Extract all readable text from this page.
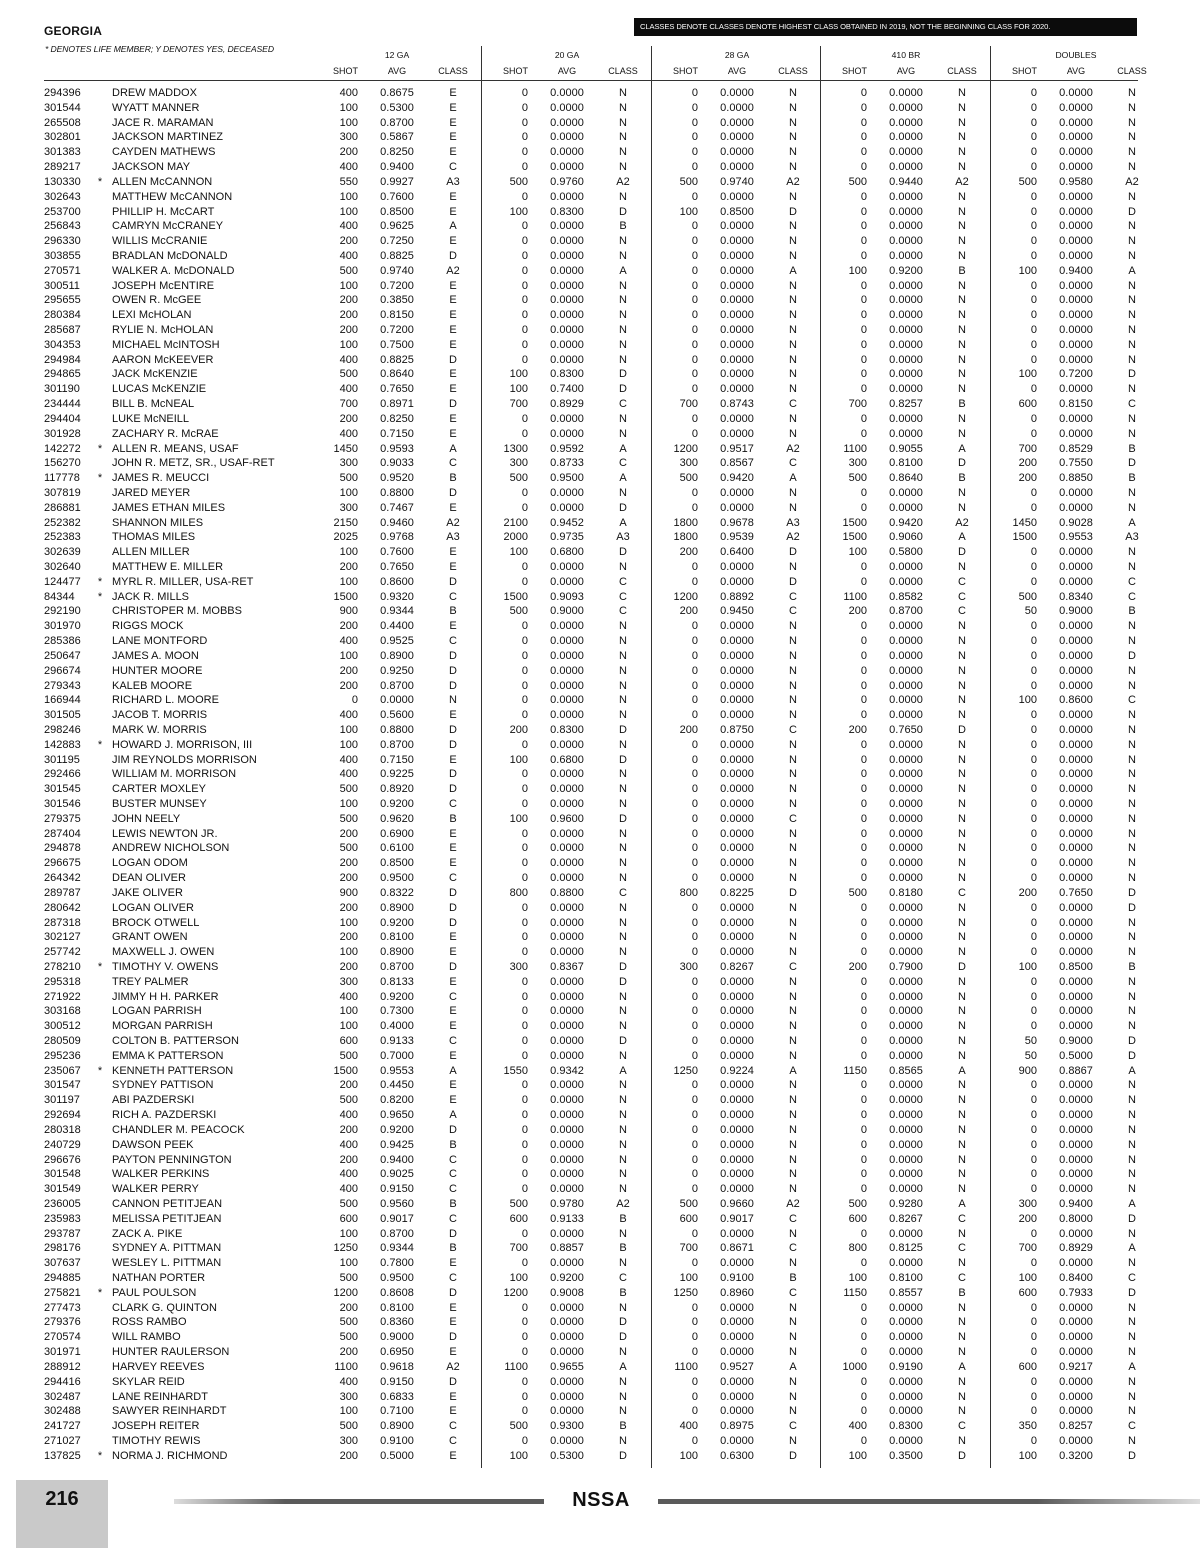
GEORGIA	CLASSES DENOTE CLASSES DENOTE HIGHEST CLASS OBTAINED IN 2019, NOT THE BEGINNING CLASS FOR 2020.
* DENOTES LIFE MEMBER; Y DENOTES YES, DECEASED
12 GA
SHOT	AVG	CLASS
20 GA
SHOT	AVG	CLASS
28 GA
SHOT	AVG	CLASS
410 BR
SHOT	AVG	CLASS
DOUBLES
SHOT	AVG	CLASS
294396	DREW MADDOX	400	0.8675	E	0	0.0000	N	0	0.0000	N	0	0.0000	N	0	0.0000	N
301544	WYATT MANNER	100	0.5300	E	0	0.0000	N	0	0.0000	N	0	0.0000	N	0	0.0000	N
265508	JACE R. MARAMAN	100	0.8700	E	0	0.0000	N	0	0.0000	N	0	0.0000	N	0	0.0000	N
302801	JACKSON MARTINEZ	300	0.5867	E	0	0.0000	N	0	0.0000	N	0	0.0000	N	0	0.0000	N
301383	CAYDEN MATHEWS	200	0.8250	E	0	0.0000	N	0	0.0000	N	0	0.0000	N	0	0.0000	N
289217	JACKSON MAY	400	0.9400	C	0	0.0000	N	0	0.0000	N	0	0.0000	N	0	0.0000	N
130330 * ALLEN McCANNON	550	0.9927	A3	500	0.9760	A2	500	0.9740	A2	500	0.9440	A2	500	0.9580	A2
302643	MATTHEW McCANNON	100	0.7600	E	0	0.0000	N	0	0.0000	N	0	0.0000	N	0	0.0000	N
253700	PHILLIP H. McCART	100	0.8500	E	100	0.8300	D	100	0.8500	D	0	0.0000	N	0	0.0000	D
256843	CAMRYN McCRANEY	400	0.9625	A	0	0.0000	B	0	0.0000	N	0	0.0000	N	0	0.0000	N
296330	WILLIS McCRANIE	200	0.7250	E	0	0.0000	N	0	0.0000	N	0	0.0000	N	0	0.0000	N
303855	BRADLAN McDONALD	400	0.8825	D	0	0.0000	N	0	0.0000	N	0	0.0000	N	0	0.0000	N
270571	WALKER A. McDONALD	500	0.9740	A2	0	0.0000	A	0	0.0000	A	100	0.9200	B	100	0.9400	A
300511	JOSEPH McENTIRE	100	0.7200	E	0	0.0000	N	0	0.0000	N	0	0.0000	N	0	0.0000	N
295655	OWEN R. McGEE	200	0.3850	E	0	0.0000	N	0	0.0000	N	0	0.0000	N	0	0.0000	N
280384	LEXI McHOLAN	200	0.8150	E	0	0.0000	N	0	0.0000	N	0	0.0000	N	0	0.0000	N
285687	RYLIE N. McHOLAN	200	0.7200	E	0	0.0000	N	0	0.0000	N	0	0.0000	N	0	0.0000	N
304353	MICHAEL McINTOSH	100	0.7500	E	0	0.0000	N	0	0.0000	N	0	0.0000	N	0	0.0000	N
294984	AARON McKEEVER	400	0.8825	D	0	0.0000	N	0	0.0000	N	0	0.0000	N	0	0.0000	N
294865	JACK McKENZIE	500	0.8640	E	100	0.8300	D	0	0.0000	N	0	0.0000	N	100	0.7200	D
301190	LUCAS McKENZIE	400	0.7650	E	100	0.7400	D	0	0.0000	N	0	0.0000	N	0	0.0000	N
234444	BILL B. McNEAL	700	0.8971	D	700	0.8929	C	700	0.8743	C	700	0.8257	B	600	0.8150	C
294404	LUKE McNEILL	200	0.8250	E	0	0.0000	N	0	0.0000	N	0	0.0000	N	0	0.0000	N
301928	ZACHARY R. McRAE	400	0.7150	E	0	0.0000	N	0	0.0000	N	0	0.0000	N	0	0.0000	N
142272 * ALLEN R. MEANS, USAF	1450	0.9593	A	1300	0.9592	A	1200	0.9517	A2	1100	0.9055	A	700	0.8529	B
156270	JOHN R. METZ, SR., USAF-RET	300	0.9033	C	300	0.8733	C	300	0.8567	C	300	0.8100	D	200	0.7550	D
117778 * JAMES R. MEUCCI	500	0.9520	B	500	0.9500	A	500	0.9420	A	500	0.8640	B	200	0.8850	B
307819	JARED MEYER	100	0.8800	D	0	0.0000	N	0	0.0000	N	0	0.0000	N	0	0.0000	N
286881	JAMES ETHAN MILES	300	0.7467	E	0	0.0000	D	0	0.0000	N	0	0.0000	N	0	0.0000	N
252382	SHANNON MILES	2150	0.9460	A2	2100	0.9452	A	1800	0.9678	A3	1500	0.9420	A2	1450	0.9028	A
252383	THOMAS MILES	2025	0.9768	A3	2000	0.9735	A3	1800	0.9539	A2	1500	0.9060	A	1500	0.9553	A3
302639	ALLEN MILLER	100	0.7600	E	100	0.6800	D	200	0.6400	D	100	0.5800	D	0	0.0000	N
302640	MATTHEW E. MILLER	200	0.7650	E	0	0.0000	N	0	0.0000	N	0	0.0000	N	0	0.0000	N
124477 * MYRL R. MILLER, USA-RET	100	0.8600	D	0	0.0000	C	0	0.0000	D	0	0.0000	C	0	0.0000	C
84344 * JACK R. MILLS	1500	0.9320	C	1500	0.9093	C	1200	0.8892	C	1100	0.8582	C	500	0.8340	C
292190	CHRISTOPER M. MOBBS	900	0.9344	B	500	0.9000	C	200	0.9450	C	200	0.8700	C	50	0.9000	B
301970	RIGGS MOCK	200	0.4400	E	0	0.0000	N	0	0.0000	N	0	0.0000	N	0	0.0000	N
285386	LANE MONTFORD	400	0.9525	C	0	0.0000	N	0	0.0000	N	0	0.0000	N	0	0.0000	N
250647	JAMES A. MOON	100	0.8900	D	0	0.0000	N	0	0.0000	N	0	0.0000	N	0	0.0000	D
296674	HUNTER MOORE	200	0.9250	D	0	0.0000	N	0	0.0000	N	0	0.0000	N	0	0.0000	N
279343	KALEB MOORE	200	0.8700	D	0	0.0000	N	0	0.0000	N	0	0.0000	N	0	0.0000	N
166944	RICHARD L. MOORE	0	0.0000	N	0	0.0000	N	0	0.0000	N	0	0.0000	N	100	0.8600	C
301505	JACOB T. MORRIS	400	0.5600	E	0	0.0000	N	0	0.0000	N	0	0.0000	N	0	0.0000	N
298246	MARK W. MORRIS	100	0.8800	D	200	0.8300	D	200	0.8750	C	200	0.7650	D	0	0.0000	N
142883 * HOWARD J. MORRISON, III	100	0.8700	D	0	0.0000	N	0	0.0000	N	0	0.0000	N	0	0.0000	N
301195	JIM REYNOLDS MORRISON	400	0.7150	E	100	0.6800	D	0	0.0000	N	0	0.0000	N	0	0.0000	N
292466	WILLIAM M. MORRISON	400	0.9225	D	0	0.0000	N	0	0.0000	N	0	0.0000	N	0	0.0000	N
301545	CARTER MOXLEY	500	0.8920	D	0	0.0000	N	0	0.0000	N	0	0.0000	N	0	0.0000	N
301546	BUSTER MUNSEY	100	0.9200	C	0	0.0000	N	0	0.0000	N	0	0.0000	N	0	0.0000	N
279375	JOHN NEELY	500	0.9620	B	100	0.9600	D	0	0.0000	C	0	0.0000	N	0	0.0000	N
287404	LEWIS NEWTON JR.	200	0.6900	E	0	0.0000	N	0	0.0000	N	0	0.0000	N	0	0.0000	N
294878	ANDREW NICHOLSON	500	0.6100	E	0	0.0000	N	0	0.0000	N	0	0.0000	N	0	0.0000	N
296675	LOGAN ODOM	200	0.8500	E	0	0.0000	N	0	0.0000	N	0	0.0000	N	0	0.0000	N
264342	DEAN OLIVER	200	0.9500	C	0	0.0000	N	0	0.0000	N	0	0.0000	N	0	0.0000	N
289787	JAKE OLIVER	900	0.8322	D	800	0.8800	C	800	0.8225	D	500	0.8180	C	200	0.7650	D
280642	LOGAN OLIVER	200	0.8900	D	0	0.0000	N	0	0.0000	N	0	0.0000	N	0	0.0000	D
287318	BROCK OTWELL	100	0.9200	D	0	0.0000	N	0	0.0000	N	0	0.0000	N	0	0.0000	N
302127	GRANT OWEN	200	0.8100	E	0	0.0000	N	0	0.0000	N	0	0.0000	N	0	0.0000	N
257742	MAXWELL J. OWEN	100	0.8900	E	0	0.0000	N	0	0.0000	N	0	0.0000	N	0	0.0000	N
278210 * TIMOTHY V. OWENS	200	0.8700	D	300	0.8367	D	300	0.8267	C	200	0.7900	D	100	0.8500	B
295318	TREY PALMER	300	0.8133	E	0	0.0000	D	0	0.0000	N	0	0.0000	N	0	0.0000	N
271922	JIMMY H H. PARKER	400	0.9200	C	0	0.0000	N	0	0.0000	N	0	0.0000	N	0	0.0000	N
303168	LOGAN PARRISH	100	0.7300	E	0	0.0000	N	0	0.0000	N	0	0.0000	N	0	0.0000	N
300512	MORGAN PARRISH	100	0.4000	E	0	0.0000	N	0	0.0000	N	0	0.0000	N	0	0.0000	N
280509	COLTON B. PATTERSON	600	0.9133	C	0	0.0000	D	0	0.0000	N	0	0.0000	N	50	0.9000	D
295236	EMMA K PATTERSON	500	0.7000	E	0	0.0000	N	0	0.0000	N	0	0.0000	N	50	0.5000	D
235067 * KENNETH PATTERSON	1500	0.9553	A	1550	0.9342	A	1250	0.9224	A	1150	0.8565	A	900	0.8867	A
301547	SYDNEY PATTISON	200	0.4450	E	0	0.0000	N	0	0.0000	N	0	0.0000	N	0	0.0000	N
301197	ABI PAZDERSKI	500	0.8200	E	0	0.0000	N	0	0.0000	N	0	0.0000	N	0	0.0000	N
292694	RICH A. PAZDERSKI	400	0.9650	A	0	0.0000	N	0	0.0000	N	0	0.0000	N	0	0.0000	N
280318	CHANDLER M. PEACOCK	200	0.9200	D	0	0.0000	N	0	0.0000	N	0	0.0000	N	0	0.0000	N
240729	DAWSON PEEK	400	0.9425	B	0	0.0000	N	0	0.0000	N	0	0.0000	N	0	0.0000	N
296676	PAYTON PENNINGTON	200	0.9400	C	0	0.0000	N	0	0.0000	N	0	0.0000	N	0	0.0000	N
301548	WALKER PERKINS	400	0.9025	C	0	0.0000	N	0	0.0000	N	0	0.0000	N	0	0.0000	N
301549	WALKER PERRY	400	0.9150	C	0	0.0000	N	0	0.0000	N	0	0.0000	N	0	0.0000	N
236005	CANNON PETITJEAN	500	0.9560	B	500	0.9780	A2	500	0.9660	A2	500	0.9280	A	300	0.9400	A
235983	MELISSA PETITJEAN	600	0.9017	C	600	0.9133	B	600	0.9017	C	600	0.8267	C	200	0.8000	D
293787	ZACK A. PIKE	100	0.8700	D	0	0.0000	N	0	0.0000	N	0	0.0000	N	0	0.0000	N
298176	SYDNEY A. PITTMAN	1250	0.9344	B	700	0.8857	B	700	0.8671	C	800	0.8125	C	700	0.8929	A
307637	WESLEY L. PITTMAN	100	0.7800	E	0	0.0000	N	0	0.0000	N	0	0.0000	N	0	0.0000	N
294885	NATHAN PORTER	500	0.9500	C	100	0.9200	C	100	0.9100	B	100	0.8100	C	100	0.8400	C
275821 * PAUL POULSON	1200	0.8608	D	1200	0.9008	B	1250	0.8960	C	1150	0.8557	B	600	0.7933	D
277473	CLARK G. QUINTON	200	0.8100	E	0	0.0000	N	0	0.0000	N	0	0.0000	N	0	0.0000	N
279376	ROSS RAMBO	500	0.8360	E	0	0.0000	D	0	0.0000	N	0	0.0000	N	0	0.0000	N
270574	WILL RAMBO	500	0.9000	D	0	0.0000	D	0	0.0000	N	0	0.0000	N	0	0.0000	N
301971	HUNTER RAULERSON	200	0.6950	E	0	0.0000	N	0	0.0000	N	0	0.0000	N	0	0.0000	N
288912	HARVEY REEVES	1100	0.9618	A2	1100	0.9655	A	1100	0.9527	A	1000	0.9190	A	600	0.9217	A
294416	SKYLAR REID	400	0.9150	D	0	0.0000	N	0	0.0000	N	0	0.0000	N	0	0.0000	N
302487	LANE REINHARDT	300	0.6833	E	0	0.0000	N	0	0.0000	N	0	0.0000	N	0	0.0000	N
302488	SAWYER REINHARDT	100	0.7100	E	0	0.0000	N	0	0.0000	N	0	0.0000	N	0	0.0000	N
241727	JOSEPH REITER	500	0.8900	C	500	0.9300	B	400	0.8975	C	400	0.8300	C	350	0.8257	C
271027	TIMOTHY REWIS	300	0.9100	C	0	0.0000	N	0	0.0000	N	0	0.0000	N	0	0.0000	N
137825 * NORMA J. RICHMOND	200	0.5000	E	100	0.5300	D	100	0.6300	D	100	0.3500	D	100	0.3200	D
216	NSSA
